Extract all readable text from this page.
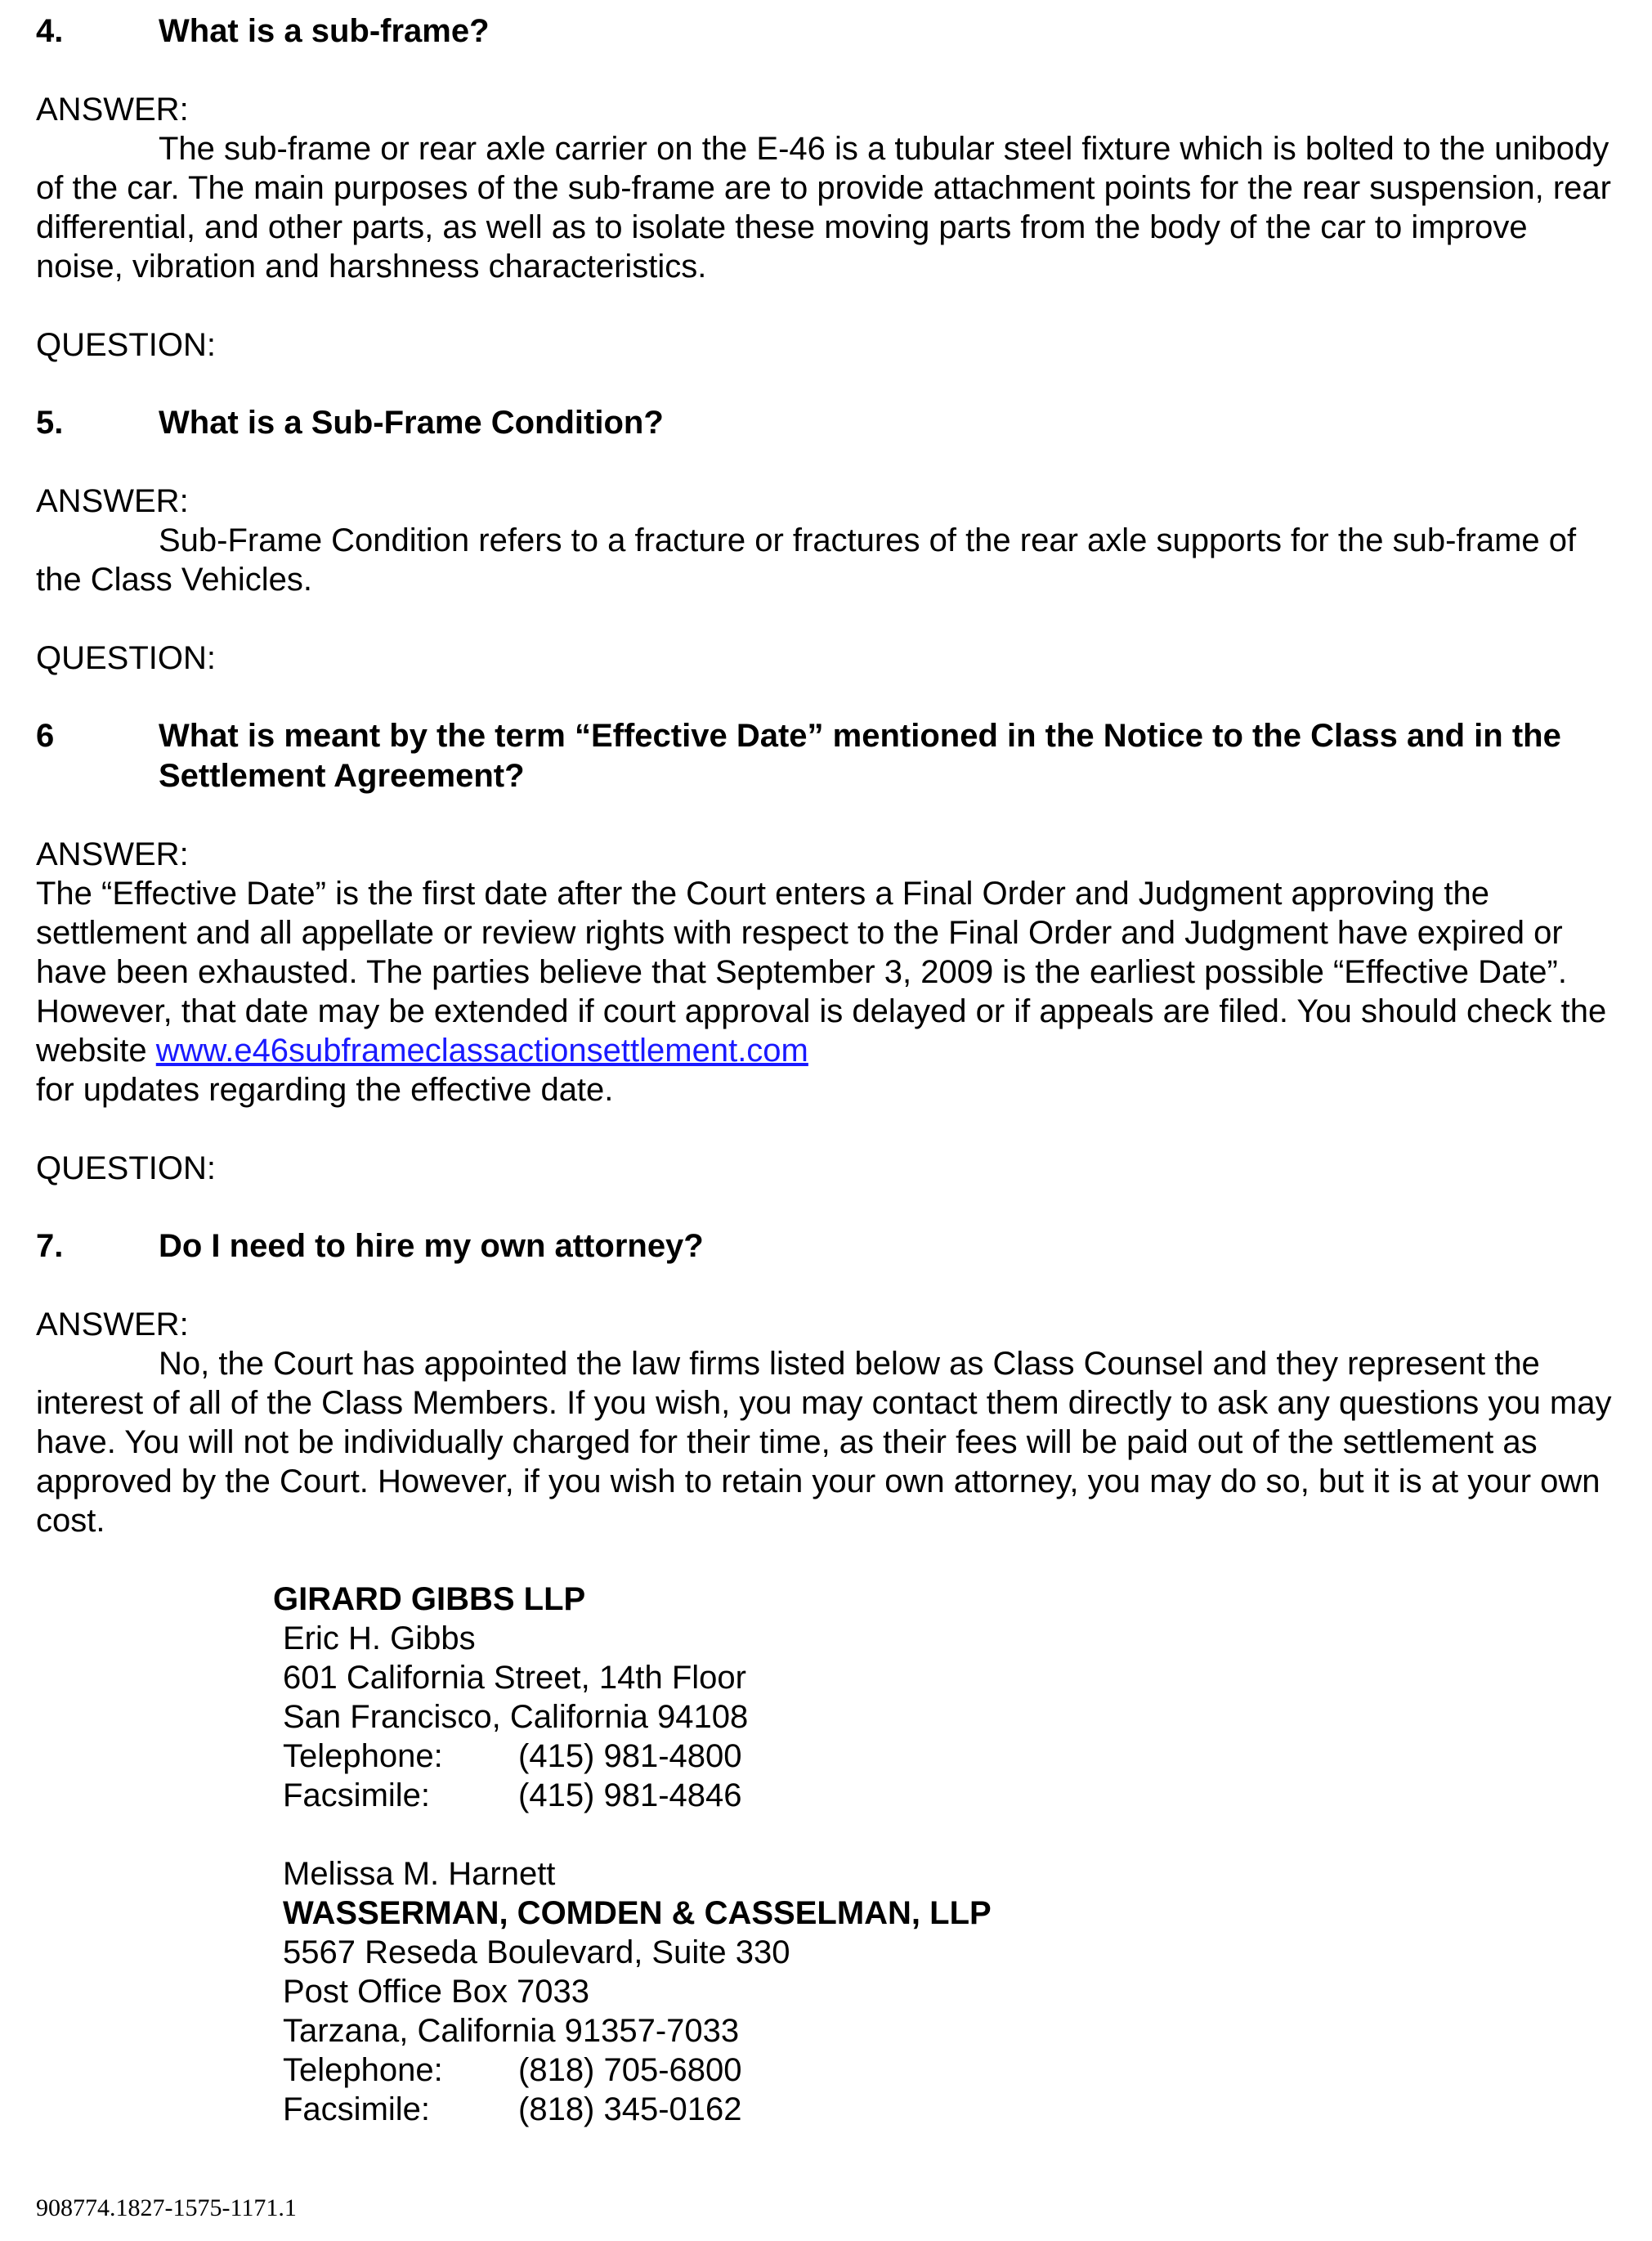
4.	What is a sub-frame?
ANSWER:
The sub-frame or rear axle carrier on the E-46 is a tubular steel fixture which is bolted to the unibody of the car. The main purposes of the sub-frame are to provide attachment points for the rear suspension, rear differential, and other parts, as well as to isolate these moving parts from the body of the car to improve noise, vibration and harshness characteristics.
QUESTION:
5.	What is a Sub-Frame Condition?
ANSWER:
Sub-Frame Condition refers to a fracture or fractures of the rear axle supports for the sub-frame of the Class Vehicles.
QUESTION:
6	What is meant by the term “Effective Date” mentioned in the Notice to the Class and in the Settlement Agreement?
ANSWER:
The “Effective Date” is the first date after the Court enters a Final Order and Judgment approving the settlement and all appellate or review rights with respect to the Final Order and Judgment have expired or have been exhausted. The parties believe that September 3, 2009 is the earliest possible “Effective Date”. However, that date may be extended if court approval is delayed or if appeals are filed. You should check the website www.e46subframeclassactionsettlement.com
for updates regarding the effective date.
QUESTION:
7.	Do I need to hire my own attorney?
ANSWER:
No, the Court has appointed the law firms listed below as Class Counsel and they represent the interest of all of the Class Members. If you wish, you may contact them directly to ask any questions you may have. You will not be individually charged for their time, as their fees will be paid out of the settlement as approved by the Court. However, if you wish to retain your own attorney, you may do so, but it is at your own cost.
GIRARD GIBBS LLP
Eric H. Gibbs
601 California Street, 14th Floor
San Francisco, California 94108
Telephone:	(415) 981-4800
Facsimile:	(415) 981-4846
Melissa M. Harnett
WASSERMAN, COMDEN & CASSELMAN, LLP
5567 Reseda Boulevard, Suite 330
Post Office Box 7033
Tarzana, California 91357-7033
Telephone:	(818) 705-6800
Facsimile:	(818) 345-0162
908774.1827-1575-1171.1
